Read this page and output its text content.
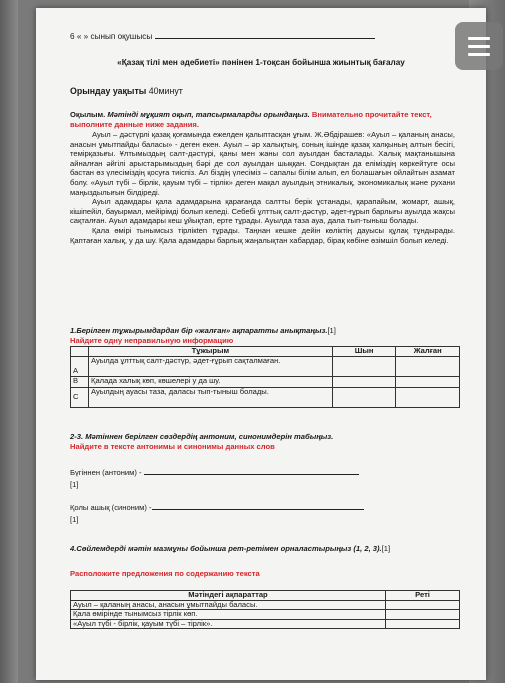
6 « » сынып оқушысы
«Қазақ тілі мен әдебиеті» пәнінен 1-тоқсан бойынша жиынтық бағалау
Орындау уақыты 40минут
Оқылым. Мәтінді мұқият оқып, тапсырмаларды орындаңыз. Внимательно прочитайте текст, выполните данные ниже задания.

Ауыл – дәстүрлі қазақ қоғамында ежелден қалыптасқан ұғым. Ж.Әбдірашев: «Ауыл – қаланың анасы, анасын ұмытпайды баласы» - деген екен. Ауыл – әр халықтың, соның ішінде қазақ халқының алтын бесігі, темірқазығы. Ұлтымыздың салт-дәстүрі, қаны мен жаны сол ауылдан басталады. Халық мақтанышына айналған әйгілі арыстарымыздың бәрі де сол ауылдан шыққан. Сондықтан да еліміздің көркейтуге осы бастан өз үлесіміздің қосуға тиіспіз. Ал біздің үлесіміз – сапалы білім алып, ел болашағын ойлайтын азамат болу. «Ауыл түбі – бірлік, қауым түбі – тірлік» деген мақал ауылдың этникалық, экономикалық және рухани маңыздылығын білдіреді.

Ауыл адамдары қала адамдарына қарағанда салтты берік ұстанады, қарапайым, жомарт, ашық, кішіпейіл, бауырмал, мейірімді болып келеді. Себебі ұлттық салт-дәстүр, әдет-ғұрып барлығы ауылда жақсы сақталған. Ауыл адамдары кеш ұйықтап, ерте тұрады. Ауылда таза ауа, дала тып-тыныш болады.

Қала өмірі тынымсыз тірлікten тұрады. Таңнан кешке дейін көліктің дауысы құлақ тұндырады. Қаптаған халық, у да шу. Қала адамдары барлық жаңалықтан хабардар, бірақ көбіне өзімшіл болып келеді.

1.Берілген тұжырымдардан бір «жалған» ақпаратты анықтаңыз.[1]
Найдите одну неправильную информацию
	Тұжырым	Шын	Жалған
A	Ауылда ұлттық салт-дәстүр, әдет-ғұрып сақталмаған.		
B	Қалада халық көп, көшелері у да шу.		
C	Ауылдың ауасы таза, даласы тып-тыныш болады.		
2-3. Мәтіннен берілген сөздердің антоним, синонимдерін табыңыз.
Найдите в тексте антонимы и синонимы данных слов
Бүгіннен (антоним) -
[1]
Қолы ашық (синоним) -
[1]
4.Сөйлемдерді мәтін мазмұны бойынша рет-ретімен орналастырыңыз (1, 2, 3).[1]
Расположите предложения по содержанию текста
Мәтіндегі ақпараттар	Реті
Ауыл – қаланың анасы, анасын ұмытпайды баласы.	
Қала өмірінде тынымсыз тірлік көп.	
«Ауыл түбі - бірлік, қауым түбі – тірлік».	
